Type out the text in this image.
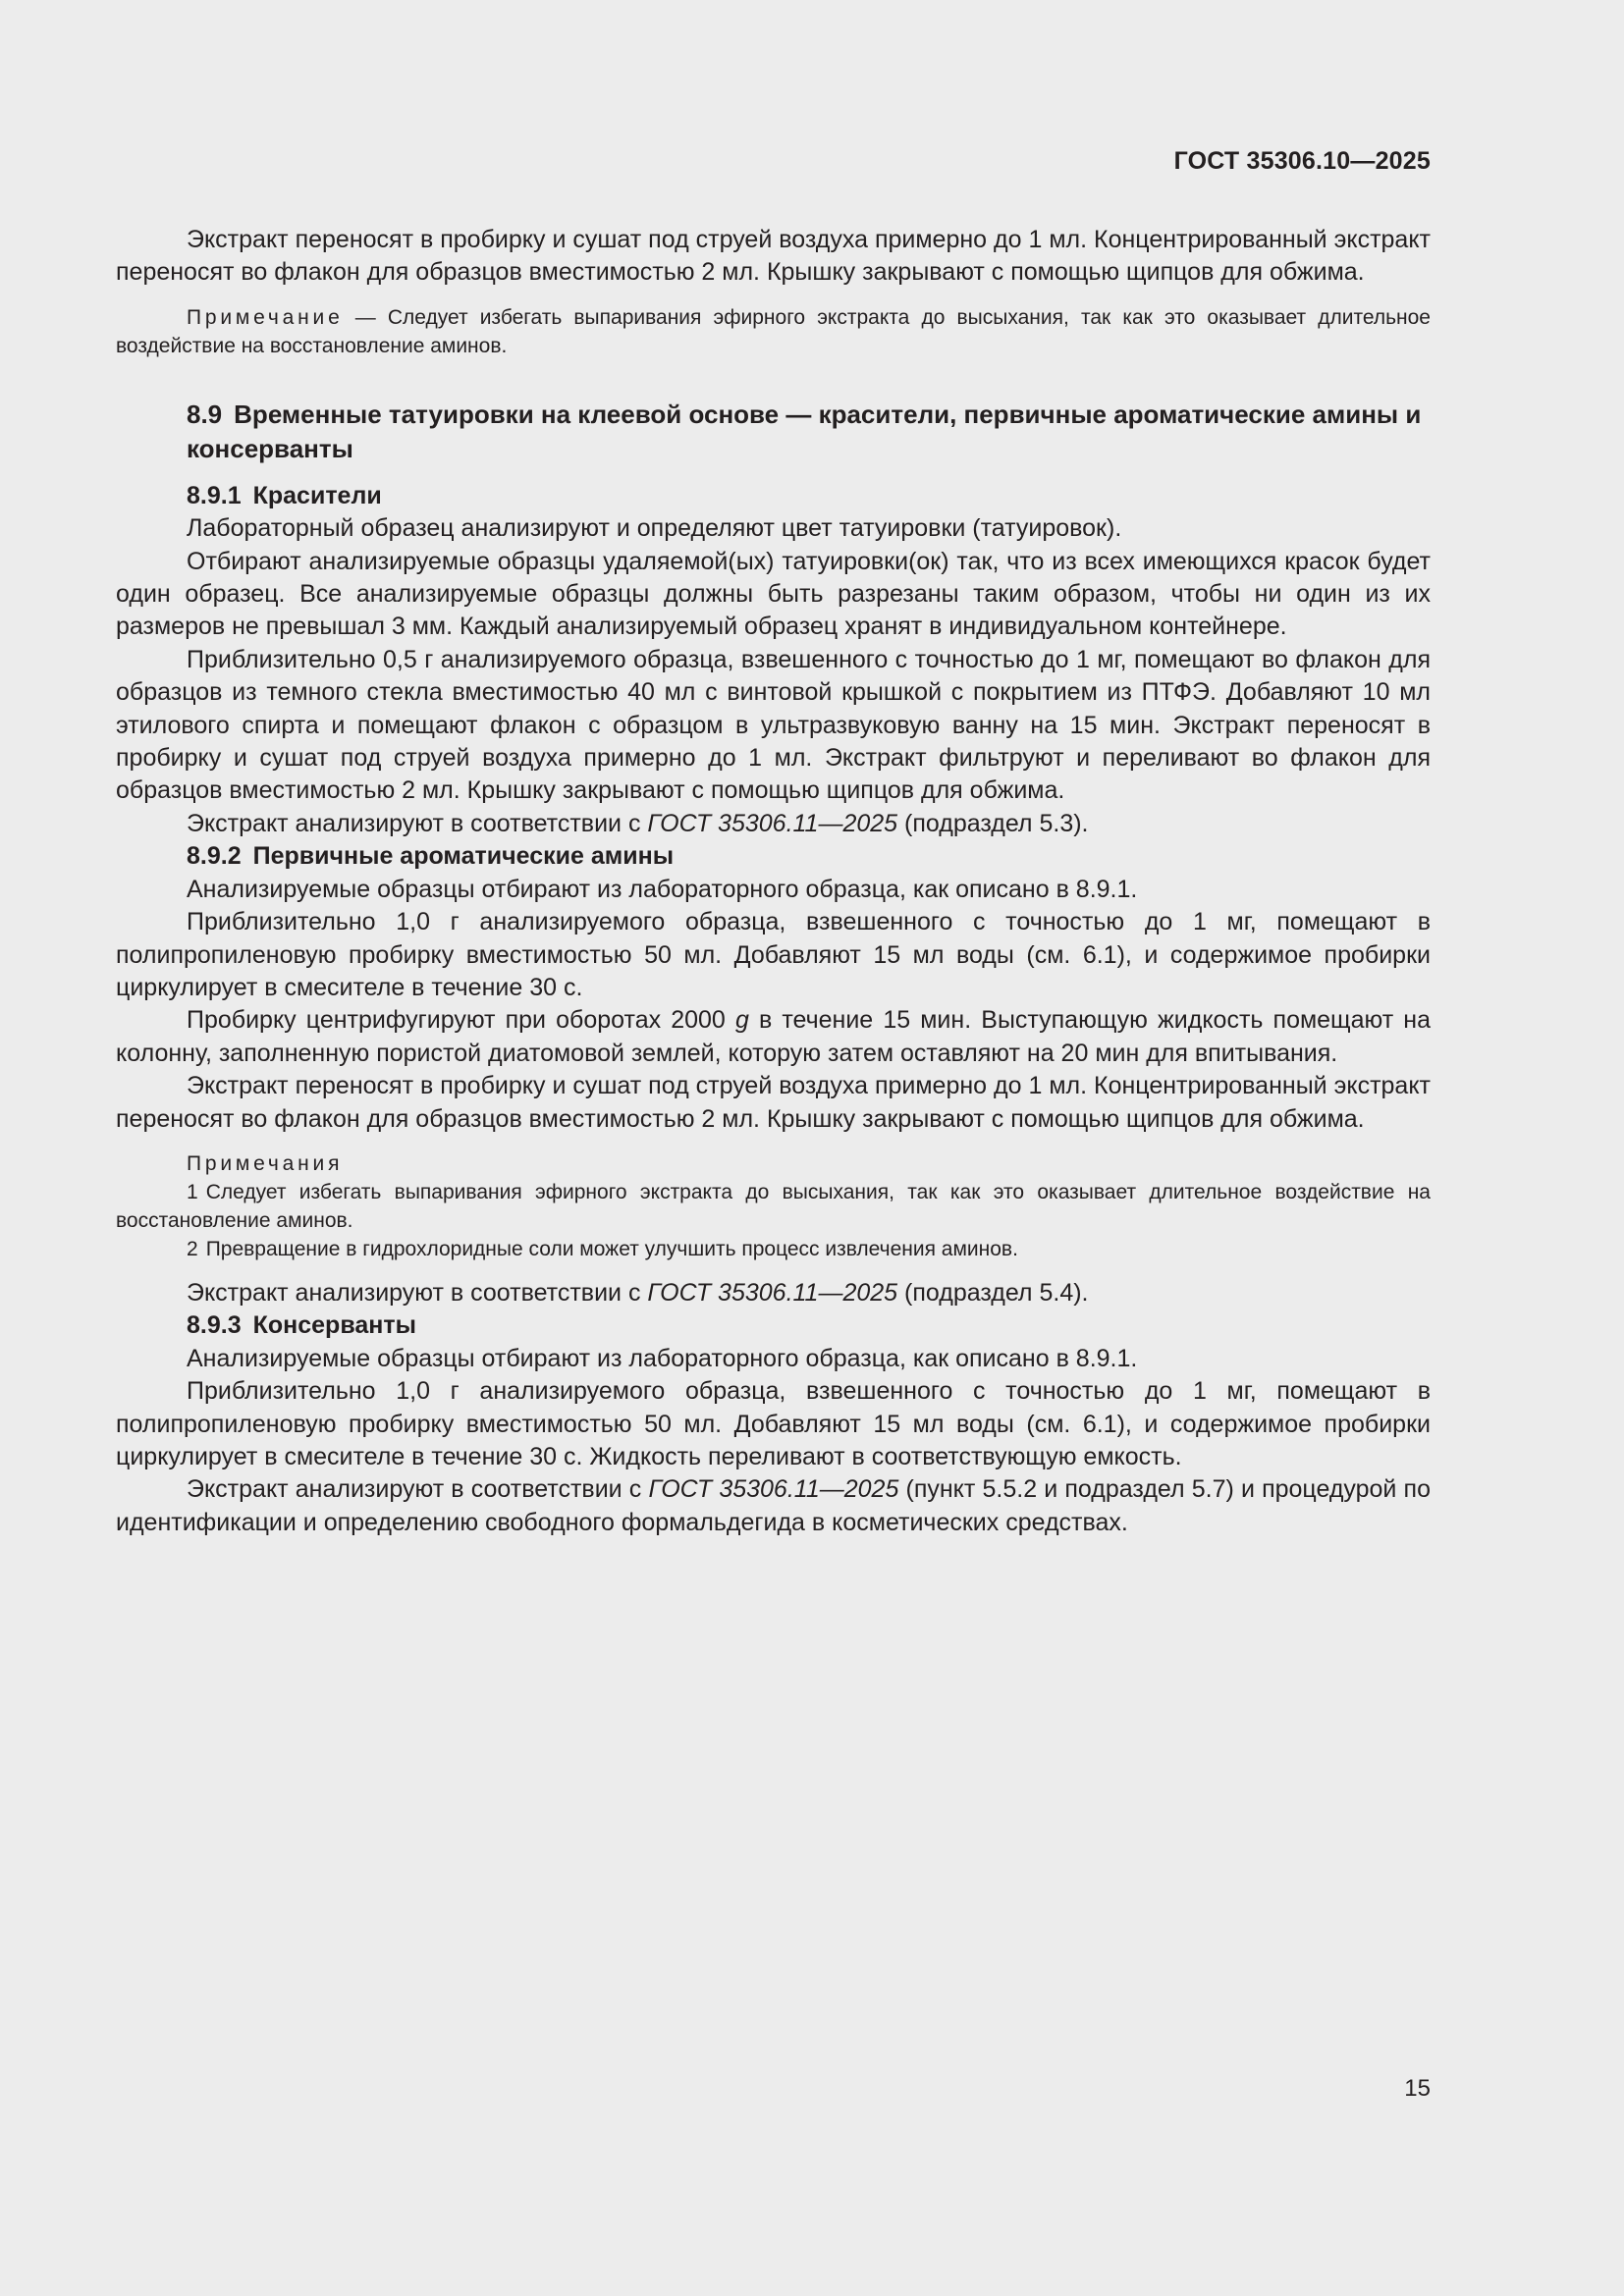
ГОСТ 35306.10—2025

Экстракт переносят в пробирку и сушат под струей воздуха примерно до 1 мл. Концентрированный экстракт переносят во флакон для образцов вместимостью 2 мл. Крышку закрывают с помощью щипцов для обжима.

Примечание — Следует избегать выпаривания эфирного экстракта до высыхания, так как это оказывает длительное воздействие на восстановление аминов.

8.9 Временные татуировки на клеевой основе — красители, первичные ароматические амины и консерванты

8.9.1 Красители

Лабораторный образец анализируют и определяют цвет татуировки (татуировок).

Отбирают анализируемые образцы удаляемой(ых) татуировки(ок) так, что из всех имеющихся красок будет один образец. Все анализируемые образцы должны быть разрезаны таким образом, чтобы ни один из их размеров не превышал 3 мм. Каждый анализируемый образец хранят в индивидуальном контейнере.

Приблизительно 0,5 г анализируемого образца, взвешенного с точностью до 1 мг, помещают во флакон для образцов из темного стекла вместимостью 40 мл с винтовой крышкой с покрытием из ПТФЭ. Добавляют 10 мл этилового спирта и помещают флакон с образцом в ультразвуковую ванну на 15 мин. Экстракт переносят в пробирку и сушат под струей воздуха примерно до 1 мл. Экстракт фильтруют и переливают во флакон для образцов вместимостью 2 мл. Крышку закрывают с помощью щипцов для обжима.

Экстракт анализируют в соответствии с ГОСТ 35306.11—2025 (подраздел 5.3).

8.9.2 Первичные ароматические амины

Анализируемые образцы отбирают из лабораторного образца, как описано в 8.9.1.

Приблизительно 1,0 г анализируемого образца, взвешенного с точностью до 1 мг, помещают в полипропиленовую пробирку вместимостью 50 мл. Добавляют 15 мл воды (см. 6.1), и содержимое пробирки циркулирует в смесителе в течение 30 с.

Пробирку центрифугируют при оборотах 2000 g в течение 15 мин. Выступающую жидкость помещают на колонну, заполненную пористой диатомовой землей, которую затем оставляют на 20 мин для впитывания.

Экстракт переносят в пробирку и сушат под струей воздуха примерно до 1 мл. Концентрированный экстракт переносят во флакон для образцов вместимостью 2 мл. Крышку закрывают с помощью щипцов для обжима.

Примечания

1 Следует избегать выпаривания эфирного экстракта до высыхания, так как это оказывает длительное воздействие на восстановление аминов.

2 Превращение в гидрохлоридные соли может улучшить процесс извлечения аминов.

Экстракт анализируют в соответствии с ГОСТ 35306.11—2025 (подраздел 5.4).

8.9.3 Консерванты

Анализируемые образцы отбирают из лабораторного образца, как описано в 8.9.1.

Приблизительно 1,0 г анализируемого образца, взвешенного с точностью до 1 мг, помещают в полипропиленовую пробирку вместимостью 50 мл. Добавляют 15 мл воды (см. 6.1), и содержимое пробирки циркулирует в смесителе в течение 30 с. Жидкость переливают в соответствующую емкость.

Экстракт анализируют в соответствии с ГОСТ 35306.11—2025 (пункт 5.5.2 и подраздел 5.7) и процедурой по идентификации и определению свободного формальдегида в косметических средствах.

15
